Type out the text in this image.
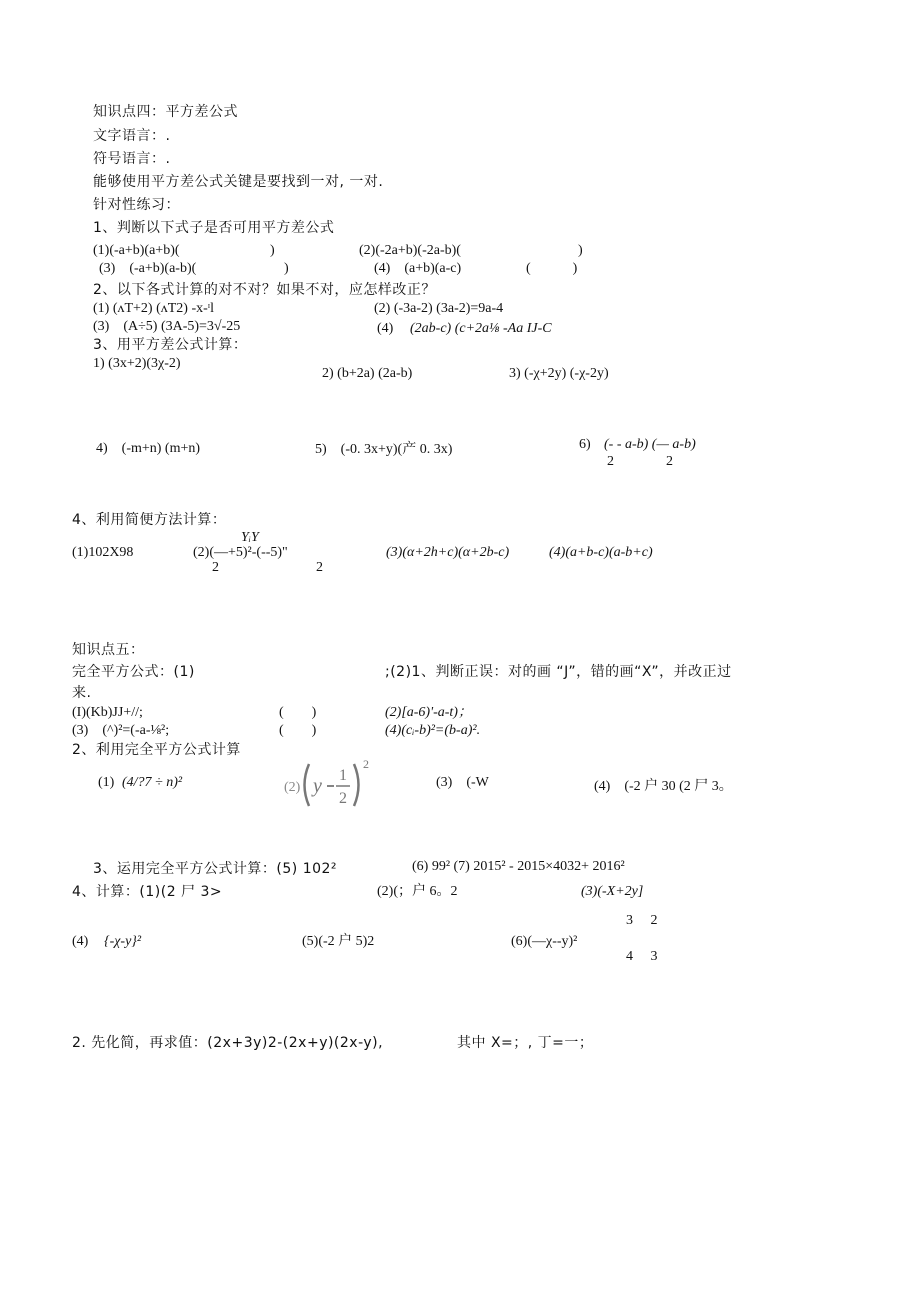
知识点四：平方差公式
文字语言：.
符号语言：.
能够使用平方差公式关键是要找到一对, 一对.
针对性练习：
1、判断以下式子是否可用平方差公式
(1)(-a+b)(a+b)(	)	(2)(-2a+b)(-2a-b)(	)
(3)　(-a+b)(a-b)(	)	(4)　(a+b)(a-c)	(　　　)
2、以下各式计算的对不对？如果不对，应怎样改正？
(1) (ᴧT+2) (ᴧT2) -x-ᶦl	(2) (-3a-2) (3a-2)=9a-4
(3)　(A÷5) (3A-5)=3√-25	(4) (2ab-c) (c+2a⅛ -Aa IJ-C
3、用平方差公式计算：
1) (3x+2)(3χ-2)
2) (b+2a) (2a-b)	3) (-χ+2y) (-χ-2y)
4)　(-m+n) (m+n)	5)　(-0. 3x+y)(产 0. 3x)	6) (- - a-b) (— a-b)
2	2
4、利用简便方法计算：
(1)102X98
YᵢY
(2)(—+5)²-(--5)"
2	2
(3)(α+2h+c)(α+2b-c)	(4)(a+b-c)(a-b+c)
知识点五：
完全平方公式：(1)	;(2)1、判断正误：对的画 “J”，错的画“X”，并改正过
来.
(I)(Kb)JJ+//;	(　　)	(2)[a-6)'-a-t)；
(3)　(^)²=(-a-⅛²;	(　　)	(4)(cᵢ-b)²=(b-a)².
2、利用完全平方公式计算
(1) (4/?7 ÷ n)²	(2) y 1
2
2
(3)　(-W	(4)　(-2 户 30 (2 尸 3。
3、运用完全平方公式计算：(5) 102²	(6) 99² (7) 2015² - 2015×4032+ 2016²
4、计算：(1)(2 尸 3>	(2)(；户 6。2	(3)(-X+2y]
3　 2
(4) {-χ-y}²	(5)(-2 户 5)2	(6)(—χ--y)²
4　 3
2. 先化简，再求值：(2x+3y)2-(2x+y)(2x-y),	其中 X=；, 丁=一；
